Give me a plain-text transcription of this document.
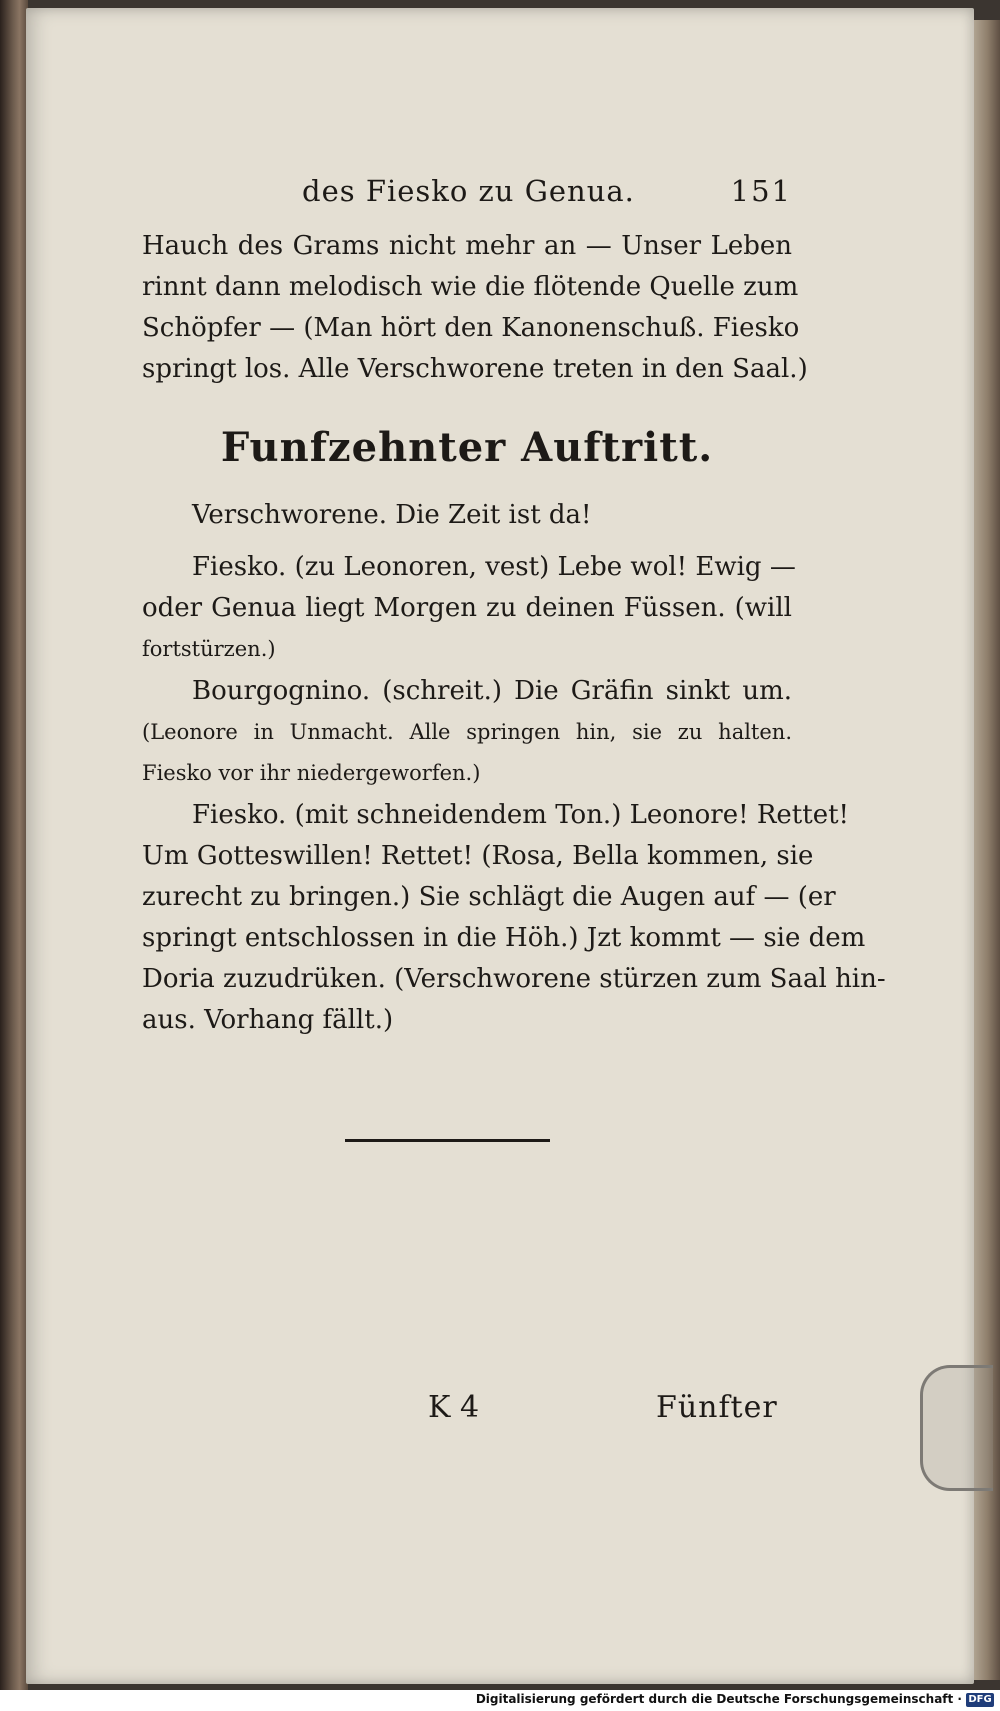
des Fiesko zu Genua.	151
Hauch des Grams nicht mehr an — Unser Leben
rinnt dann melodisch wie die flötende Quelle zum
Schöpfer — (Man hört den Kanonenschuß. Fiesko
springt los. Alle Verschworene treten in den Saal.)
Funfzehnter Auftritt.
Verschworene. Die Zeit ist da!
Fiesko. (zu Leonoren, vest) Lebe wol! Ewig —
oder Genua liegt Morgen zu deinen Füssen. (will
fortstürzen.)
Bourgognino. (schreit.) Die Gräfin sinkt um.
(Leonore in Unmacht. Alle springen hin, sie zu halten.
Fiesko vor ihr niedergeworfen.)
Fiesko. (mit schneidendem Ton.) Leonore! Rettet!
Um Gotteswillen! Rettet! (Rosa, Bella kommen, sie
zurecht zu bringen.) Sie schlägt die Augen auf — (er
springt entschlossen in die Höh.) Jzt kommt — sie dem
Doria zuzudrüken. (Verschworene stürzen zum Saal hin-
aus. Vorhang fällt.)
K 4	Fünfter
Digitalisierung gefördert durch die Deutsche Forschungsgemeinschaft · DFG
